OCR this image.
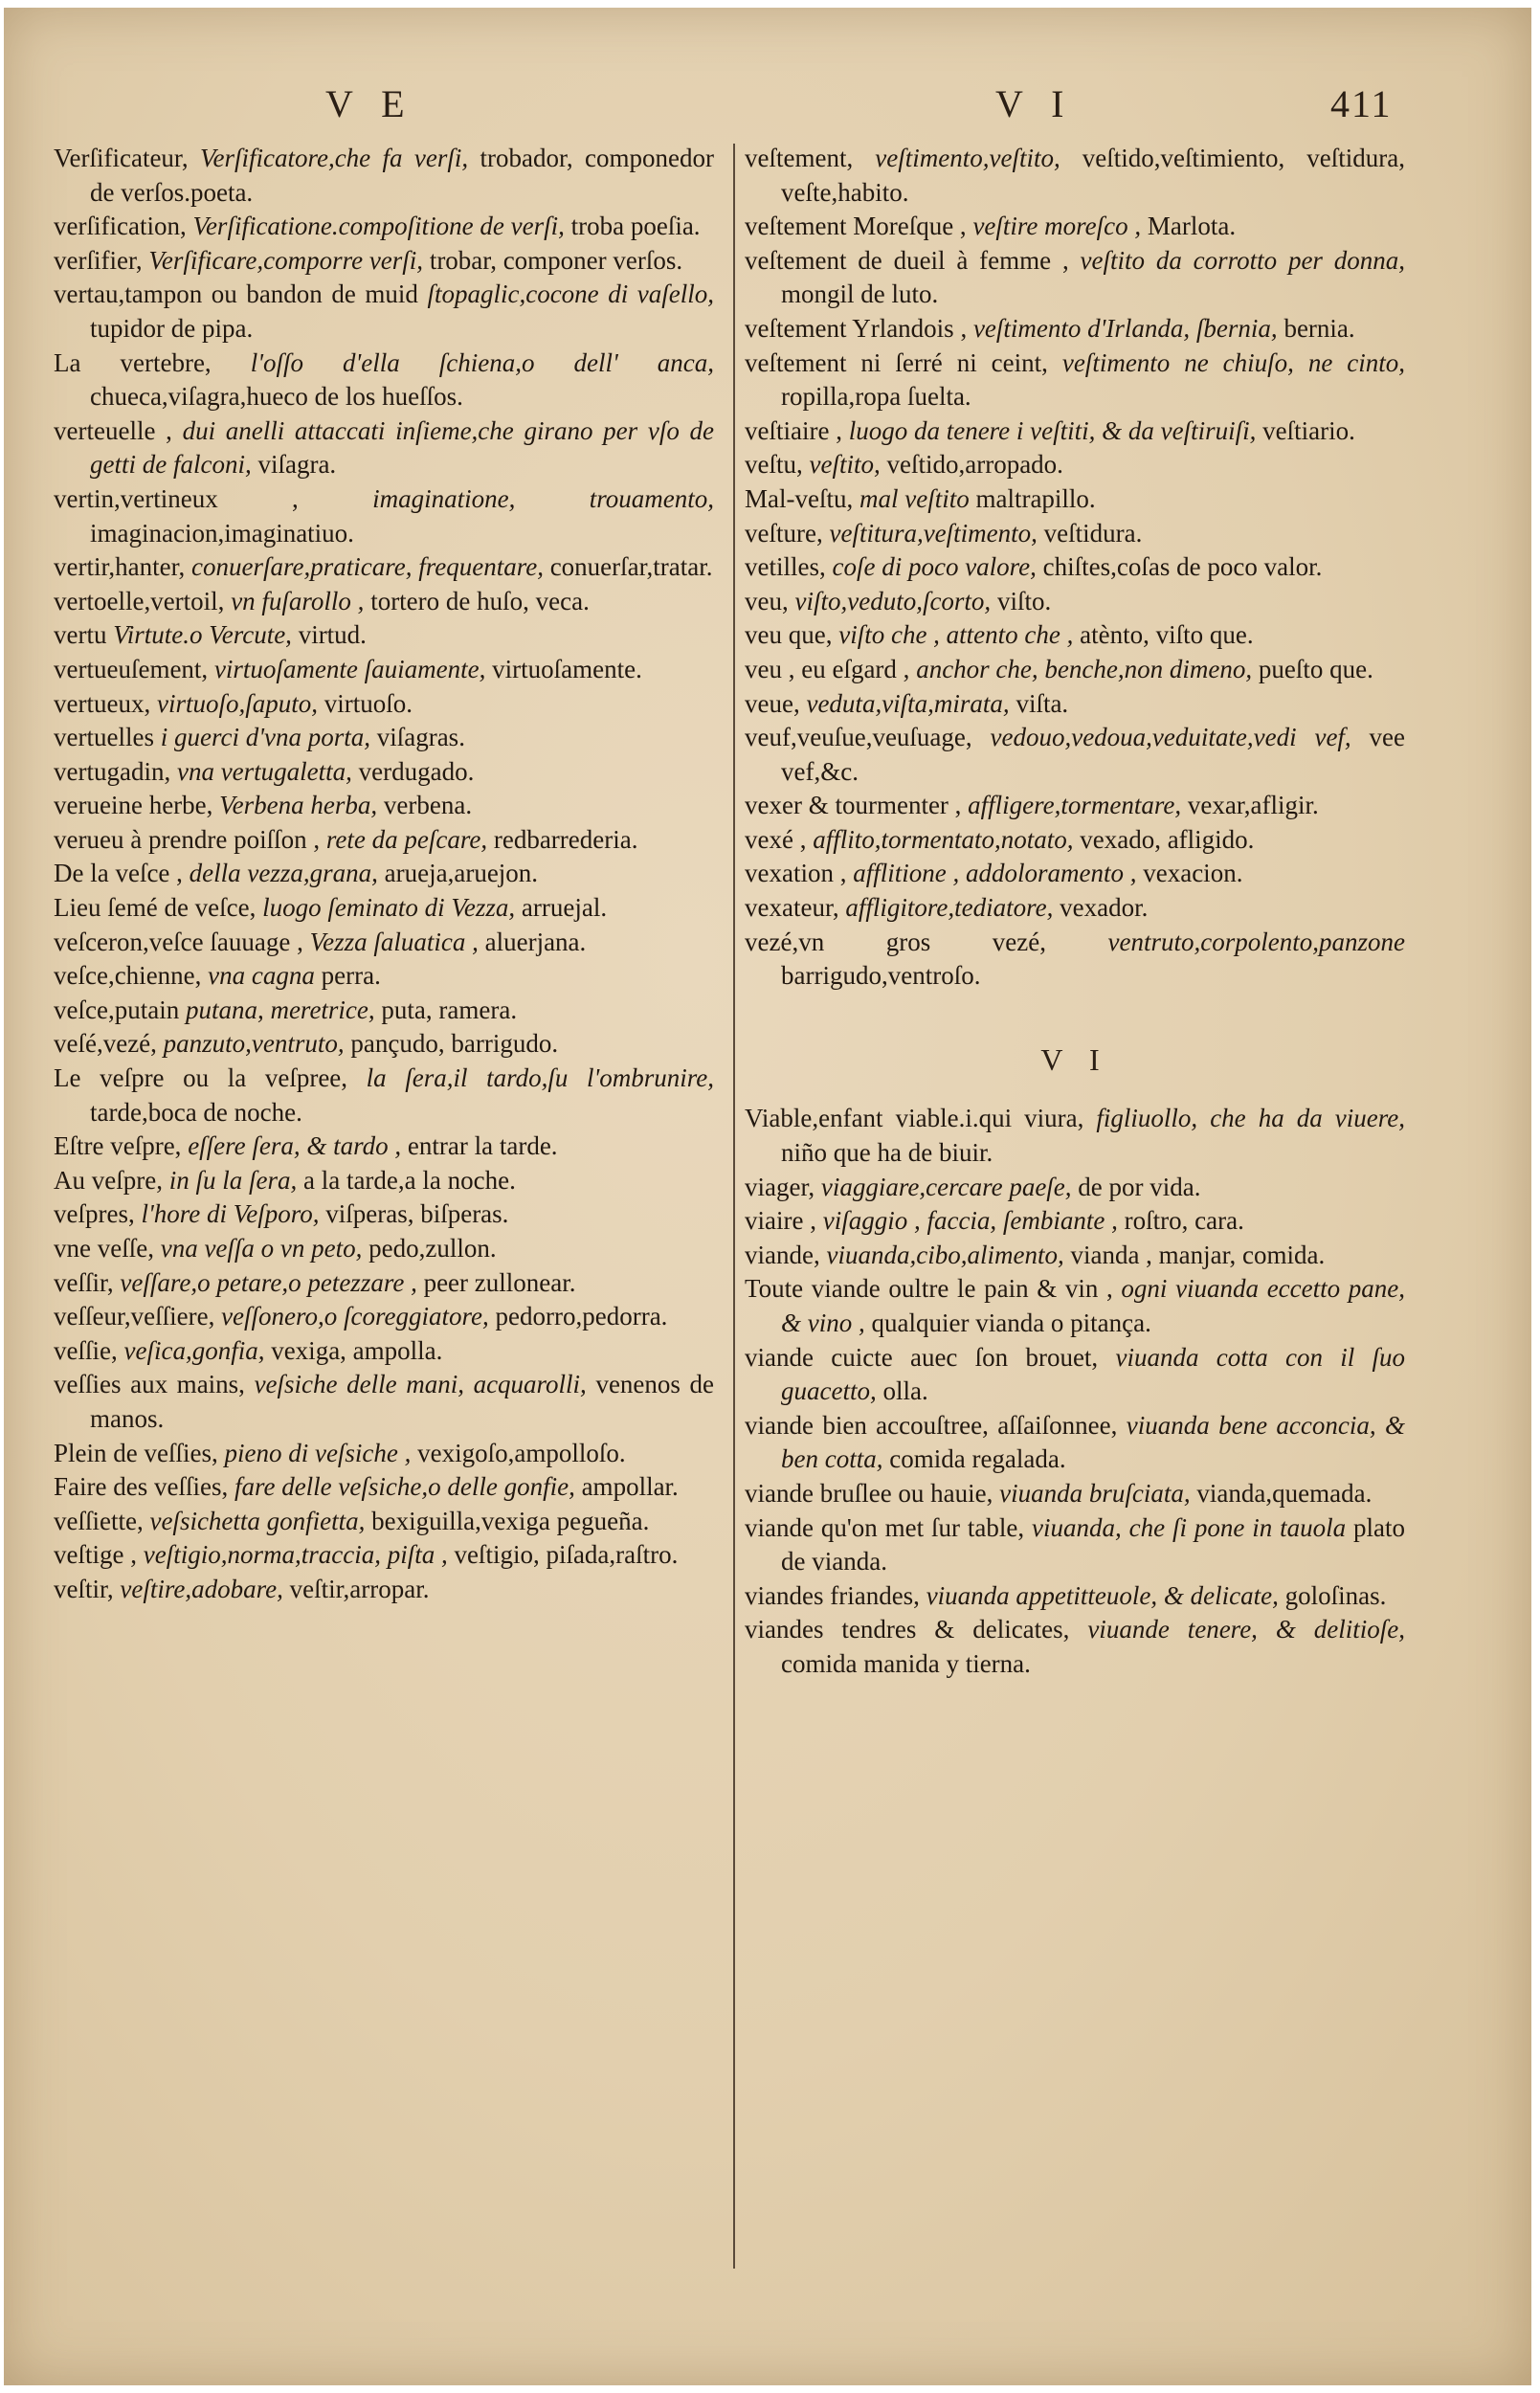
V E	V I	411

Verſificateur, Verſificatore,che fa verſi, trobador, componedor de verſos.poeta.

verſification, Verſificatione.compoſitione de verſi, troba poeſia.

verſifier, Verſificare,comporre verſi, trobar, componer verſos.

vertau,tampon ou bandon de muid ſtopaglic,cocone di vaſello, tupidor de pipa.

La vertebre, l'oſſo d'ella ſchiena,o dell' anca, chueca,viſagra,hueco de los hueſſos.

verteuelle , dui anelli attaccati inſieme,che girano per vſo de getti de falconi, viſagra.

vertin,vertineux ,	imaginatione, trouamento, imaginacion,imaginatiuo.

vertir,hanter, conuerſare,praticare, frequentare, conuerſar,tratar.

vertoelle,vertoil, vn fuſarollo , tortero de huſo, veca.

vertu Virtute.o Vercute, virtud.

vertueuſement, virtuoſamente ſauiamente, virtuoſamente.

vertueux, virtuoſo,ſaputo, virtuoſo.

vertuelles i guerci d'vna porta, viſagras.

vertugadin, vna vertugaletta, verdugado.

verueine herbe, Verbena herba, verbena.

verueu à prendre poiſſon , rete da peſcare, redbarrederia.

De la veſce , della vezza,grana, arueja,aruejon.

Lieu ſemé de veſce, luogo ſeminato di Vezza, arruejal.

veſceron,veſce ſauuage , Vezza ſaluatica , aluerjana.

veſce,chienne, vna cagna perra.

veſce,putain putana, meretrice, puta, ramera.

veſé,vezé, panzuto,ventruto, pançudo, barrigudo.

Le veſpre ou la veſpree, la ſera,il tardo,ſu l'ombrunire, tarde,boca de noche.

Eſtre veſpre, eſſere ſera, & tardo , entrar la tarde.

Au veſpre, in ſu la ſera, a la tarde,a la noche.

veſpres, l'hore di Veſporo, viſperas, biſperas.

vne veſſe, vna veſſa o vn peto, pedo,zullon.

veſſir, veſſare,o petare,o petezzare , peer zullonear.

veſſeur,veſſiere, veſſonero,o ſcoreggiatore, pedorro,pedorra.

veſſie, veſica,gonfia, vexiga, ampolla.

veſſies aux mains, veſsiche delle mani, acquarolli, venenos de manos.

Plein de veſſies, pieno di veſsiche , vexigoſo,ampolloſo.

Faire des veſſies, fare delle veſsiche,o delle gonfie, ampollar.

veſſiette, veſsichetta gonfietta, bexiguilla,vexiga pegueña.

veſtige , veſtigio,norma,traccia, piſta , veſtigio, piſada,raſtro.

veſtir, veſtire,adobare, veſtir,arropar.

veſtement, veſtimento,veſtito, veſtido,veſtimiento, veſtidura, veſte,habito.

veſtement Moreſque , veſtire moreſco , Marlota.

veſtement de dueil à femme , veſtito da corrotto per donna, mongil de luto.

veſtement Yrlandois , veſtimento d'Irlanda, ſbernia, bernia.

veſtement ni ſerré ni ceint, veſtimento ne chiuſo, ne cinto, ropilla,ropa ſuelta.

veſtiaire , luogo da tenere i veſtiti, & da veſtiruiſi, veſtiario.

veſtu, veſtito, veſtido,arropado.

Mal-veſtu, mal veſtito maltrapillo.

veſture, veſtitura,veſtimento, veſtidura.

vetilles, coſe di poco valore, chiſtes,coſas de poco valor.

veu, viſto,veduto,ſcorto, viſto.

veu que, viſto che , attento che , atènto, viſto que.

veu , eu eſgard , anchor che, benche,non dimeno, pueſto que.

veue, veduta,viſta,mirata, viſta.

veuf,veuſue,veuſuage, vedouo,vedoua,veduitate,vedi vef, vee vef,&c.

vexer & tourmenter , affligere,tormentare, vexar,afligir.

vexé , afflito,tormentato,notato, vexado, afligido.

vexation , afflitione , addoloramento , vexacion.

vexateur, affligitore,tediatore, vexador.

vezé,vn gros vezé, ventruto,corpolento,panzone barrigudo,ventroſo.

V I

Viable,enfant viable.i.qui viura, figliuollo, che ha da viuere, niño que ha de biuir.

viager, viaggiare,cercare paeſe, de por vida.

viaire , viſaggio , faccia, ſembiante , roſtro, cara.

viande, viuanda,cibo,alimento, vianda , manjar, comida.

Toute viande oultre le pain & vin , ogni viuanda eccetto pane, & vino , qualquier vianda o pitança.

viande cuicte auec ſon brouet, viuanda cotta con il ſuo guacetto, olla.

viande bien accouſtree, aſſaiſonnee, viuanda bene acconcia, & ben cotta, comida regalada.

viande bruſlee ou hauie, viuanda bruſciata, vianda,quemada.

viande qu'on met ſur table, viuanda, che ſi pone in tauola plato de vianda.

viandes friandes, viuanda appetitteuole, & delicate, goloſinas.

viandes tendres & delicates, viuande tenere, & delitioſe, comida manida y tierna.
